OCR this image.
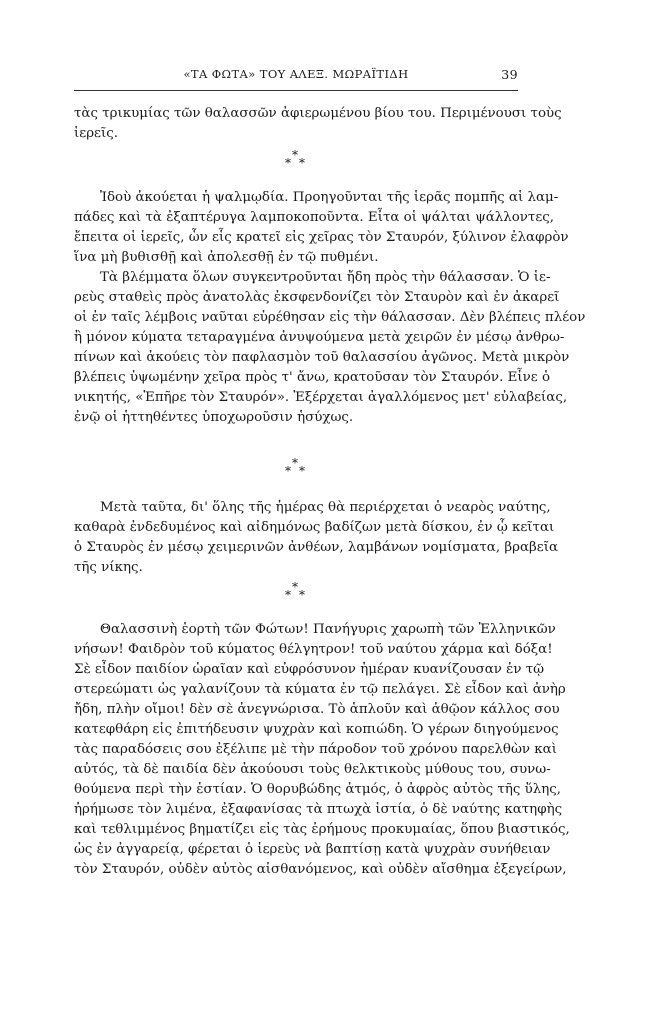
«ΤΑ ΦΩΤΑ» ΤΟΥ ΑΛΕΞ. ΜΩΡΑΪΤΙΔΗ	39
τὰς τρικυμίας τῶν θαλασσῶν ἀφιερωμένου βίου του. Περιμένουσι τοὺς
ἱερεῖς.
*
* *
Ἰδοὺ ἀκούεται ἡ ψαλμῳδία. Προηγοῦνται τῆς ἱερᾶς πομπῆς αἱ λαμ-
πάδες καὶ τὰ ἐξαπτέρυγα λαμποκοποῦντα. Εἶτα οἱ ψάλται ψάλλοντες,
ἔπειτα οἱ ἱερεῖς, ὧν εἷς κρατεῖ εἰς χεῖρας τὸν Σταυρόν, ξύλινον ἐλαφρὸν
ἵνα μὴ βυθισθῇ καὶ ἀπολεσθῇ ἐν τῷ πυθμένι.
Τὰ βλέμματα ὅλων συγκεντροῦνται ἤδη πρὸς τὴν θάλασσαν. Ὁ ἱε-
ρεὺς σταθεὶς πρὸς ἀνατολὰς ἐκσφενδονίζει τὸν Σταυρὸν καὶ ἐν ἀκαρεῖ
οἱ ἐν ταῖς λέμβοις ναῦται εὑρέθησαν εἰς τὴν θάλασσαν. Δὲν βλέπεις πλέον
ἢ μόνον κύματα τεταραγμένα ἀνυψούμενα μετὰ χειρῶν ἐν μέσῳ ἀνθρω-
πίνων καὶ ἀκούεις τὸν παφλασμὸν τοῦ θαλασσίου ἀγῶνος. Μετὰ μικρὸν
βλέπεις ὑψωμένην χεῖρα πρὸς τ' ἄνω, κρατοῦσαν τὸν Σταυρόν. Εἶνε ὁ
νικητής, «Ἐπῆρε τὸν Σταυρόν». Ἐξέρχεται ἀγαλλόμενος μετ' εὐλαβείας,
ἐνῷ οἱ ἡττηθέντες ὑποχωροῦσιν ἡσύχως.
*
* *
Μετὰ ταῦτα, δι' ὅλης τῆς ἡμέρας θὰ περιέρχεται ὁ νεαρὸς ναύτης,
καθαρὰ ἐνδεδυμένος καὶ αἰδημόνως βαδίζων μετὰ δίσκου, ἐν ᾧ κεῖται
ὁ Σταυρὸς ἐν μέσῳ χειμερινῶν ἀνθέων, λαμβάνων νομίσματα, βραβεῖα
τῆς νίκης.
*
* *
Θαλασσινὴ ἑορτὴ τῶν Φώτων! Πανήγυρις χαρωπὴ τῶν Ἑλληνικῶν
νήσων! Φαιδρὸν τοῦ κύματος θέλγητρον! τοῦ ναύτου χάρμα καὶ δόξα!
Σὲ εἶδον παιδίον ὡραῖαν καὶ εὐφρόσυνον ἡμέραν κυανίζουσαν ἐν τῷ
στερεώματι ὡς γαλανίζουν τὰ κύματα ἐν τῷ πελάγει. Σὲ εἶδον καὶ ἀνὴρ
ἤδη, πλὴν οἴμοι! δὲν σὲ ἀνεγνώρισα. Τὸ ἁπλοῦν καὶ ἀθῷον κάλλος σου
κατεφθάρη εἰς ἐπιτήδευσιν ψυχρὰν καὶ κοπιώδη. Ὁ γέρων διηγούμενος
τὰς παραδόσεις σου ἐξέλιπε μὲ τὴν πάροδον τοῦ χρόνου παρελθὼν καὶ
αὐτός, τὰ δὲ παιδία δὲν ἀκούουσι τοὺς θελκτικοὺς μύθους του, συνω-
θούμενα περὶ τὴν ἑστίαν. Ὁ θορυβώδης ἀτμός, ὁ ἀφρὸς αὐτὸς τῆς ὕλης,
ἠρήμωσε τὸν λιμένα, ἐξαφανίσας τὰ πτωχὰ ἱστία, ὁ δὲ ναύτης κατηφὴς
καὶ τεθλιμμένος βηματίζει εἰς τὰς ἐρήμους προκυμαίας, ὅπου βιαστικός,
ὡς ἐν ἀγγαρείᾳ, φέρεται ὁ ἱερεὺς νὰ βαπτίσῃ κατὰ ψυχρὰν συνήθειαν
τὸν Σταυρόν, οὐδὲν αὐτὸς αἰσθανόμενος, καὶ οὐδὲν αἴσθημα ἐξεγείρων,
